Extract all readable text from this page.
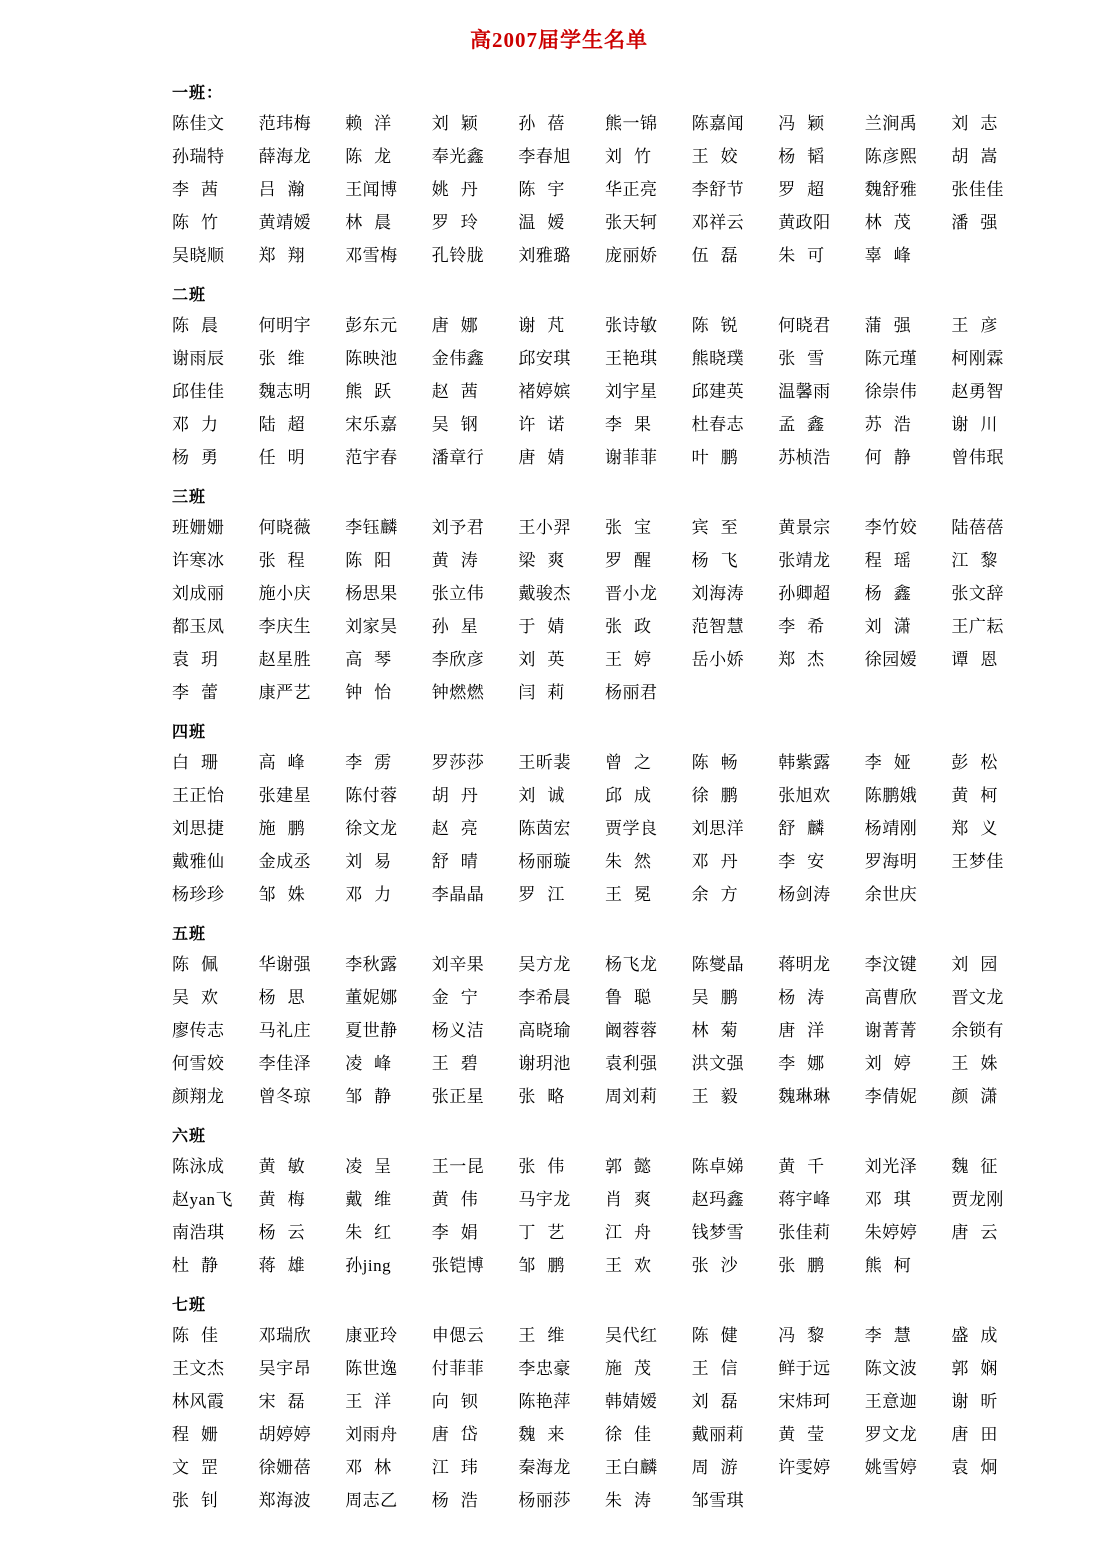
高2007届学生名单
一班：
陈佳文	范玮梅	赖洋	刘颖	孙蓓	熊一锦	陈嘉闻	冯颖	兰涧禹	刘志
孙瑞特	薛海龙	陈龙	奉光鑫	李春旭	刘竹	王姣	杨韬	陈彦熙	胡嵩
李茜	吕瀚	王闻博	姚丹	陈宇	华正亮	李舒节	罗超	魏舒雅	张佳佳
陈竹	黄靖嫒	林晨	罗玲	温嫒	张天轲	邓祥云	黄政阳	林茂	潘强
吴晓顺	郑翔	邓雪梅	孔铃胧	刘雅璐	庞丽娇	伍磊	朱可	辜峰
二班
陈晨	何明宇	彭东元	唐娜	谢芃	张诗敏	陈锐	何晓君	蒲强	王彦
谢雨辰	张维	陈映池	金伟鑫	邱安琪	王艳琪	熊晓璞	张雪	陈元瑾	柯刚霖
邱佳佳	魏志明	熊跃	赵茜	褚婷嫔	刘宇星	邱建英	温馨雨	徐崇伟	赵勇智
邓力	陆超	宋乐嘉	吴钢	许诺	李果	杜春志	孟鑫	苏浩	谢川
杨勇	任明	范宇春	潘章行	唐婧	谢菲菲	叶鹏	苏桢浩	何静	曾伟珉
三班
班姗姗	何晓薇	李钰麟	刘予君	王小羿	张宝	宾至	黄景宗	李竹姣	陆蓓蓓
许寒冰	张程	陈阳	黄涛	梁爽	罗醒	杨飞	张靖龙	程瑶	江黎
刘成丽	施小庆	杨思果	张立伟	戴骏杰	晋小龙	刘海涛	孙卿超	杨鑫	张文辞
都玉凤	李庆生	刘家昊	孙星	于婧	张政	范智慧	李希	刘潇	王广耘
袁玥	赵星胜	高琴	李欣彦	刘英	王婷	岳小娇	郑杰	徐园嫒	谭恩
李蕾	康严艺	钟怡	钟燃燃	闫莉	杨丽君
四班
白珊	高峰	李雳	罗莎莎	王昕裴	曾之	陈畅	韩紫露	李娅	彭松
王正怡	张建星	陈付蓉	胡丹	刘诚	邱成	徐鹏	张旭欢	陈鹏娥	黄柯
刘思捷	施鹏	徐文龙	赵亮	陈茵宏	贾学良	刘思洋	舒麟	杨靖刚	郑义
戴雅仙	金成丞	刘易	舒晴	杨丽璇	朱然	邓丹	李安	罗海明	王梦佳
杨珍珍	邹姝	邓力	李晶晶	罗江	王冕	余方	杨剑涛	余世庆
五班
陈佩	华谢强	李秋露	刘辛果	吴方龙	杨飞龙	陈燮晶	蒋明龙	李汶键	刘园
吴欢	杨思	董妮娜	金宁	李希晨	鲁聪	吴鹏	杨涛	高曹欣	晋文龙
廖传志	马礼庄	夏世静	杨义洁	高晓瑜	阚蓉蓉	林菊	唐洋	谢菁菁	余锁有
何雪姣	李佳泽	凌峰	王碧	谢玥池	袁利强	洪文强	李娜	刘婷	王姝
颜翔龙	曾冬琼	邹静	张正星	张略	周刘莉	王毅	魏琳琳	李倩妮	颜潇
六班
陈泳成	黄敏	凌呈	王一昆	张伟	郭懿	陈卓娣	黄千	刘光泽	魏征
赵yan飞	黄梅	戴维	黄伟	马宇龙	肖爽	赵玛鑫	蒋宇峰	邓琪	贾龙刚
南浩琪	杨云	朱红	李娟	丁艺	江舟	钱梦雪	张佳莉	朱婷婷	唐云
杜静	蒋雄	孙jing	张铠博	邹鹏	王欢	张沙	张鹏	熊柯
七班
陈佳	邓瑞欣	康亚玲	申偲云	王维	吴代红	陈健	冯黎	李慧	盛成
王文杰	吴宇昂	陈世逸	付菲菲	李忠豪	施茂	王信	鲜于远	陈文波	郭娴
林风霞	宋磊	王洋	向钡	陈艳萍	韩婧嫒	刘磊	宋炜珂	王意迦	谢昕
程姗	胡婷婷	刘雨舟	唐岱	魏来	徐佳	戴丽莉	黄莹	罗文龙	唐田
文罡	徐姗蓓	邓林	江玮	秦海龙	王白麟	周游	许雯婷	姚雪婷	袁炯
张钊	郑海波	周志乙	杨浩	杨丽莎	朱涛	邹雪琪
